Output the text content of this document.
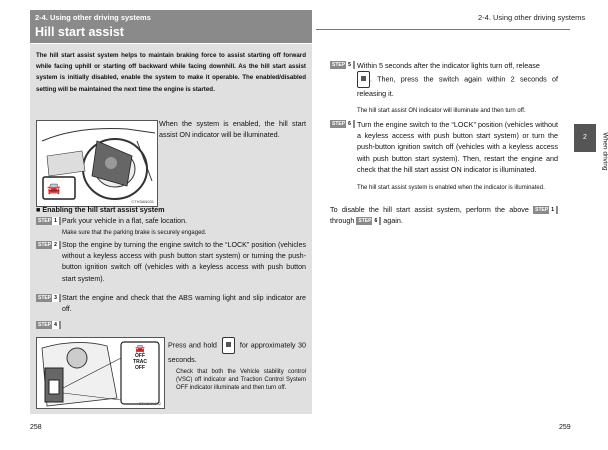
2-4. Using other driving systems
Hill start assist
The hill start assist system helps to maintain braking force to assist starting off forward while facing uphill or starting off backward while facing downhill. As the hill start assist system is initially disabled, enable the system to make it operable. The enabled/disabled setting will be maintained the next time the engine is started.
🚘
CTH3AN031
When the system is enabled, the hill start assist ON indicator will be illuminated.
■ Enabling the hill start assist system
STEP 1 Park your vehicle in a flat, safe location.
Make sure that the parking brake is securely engaged.
STEP 2 Stop the engine by turning the engine switch to the “LOCK” position (vehicles without a keyless access with push button start system) or turning the push-button ignition switch off (vehicles with a keyless access with push button start system).
STEP 3 Start the engine and check that the ABS warning light and slip indicator are off.
STEP 4
🚘
OFF
TRAC
OFF
CTH3AN032
Press and hold	for approximately 30 seconds.
Check that both the Vehicle stability control (VSC) off indicator and Traction Control System OFF indicator illuminate and then turn off.
258
2-4. Using other driving systems
STEP 5 Within 5 seconds after the indicator lights turn off, release
. Then, press the switch again within 2 seconds of releasing it.
The hill start assist ON indicator will illuminate and then turn off.
STEP 6 Turn the engine switch to the “LOCK” position (vehicles without a keyless access with push button start system) or turn the push-button ignition switch off (vehicles with a keyless access with push button start system). Then, restart the engine and check that the hill start assist ON indicator is illuminated.
The hill start assist system is enabled when the indicator is illuminated.
To disable the hill start assist system, perform the above STEP 1 through STEP 6 again.
2	When driving
259
